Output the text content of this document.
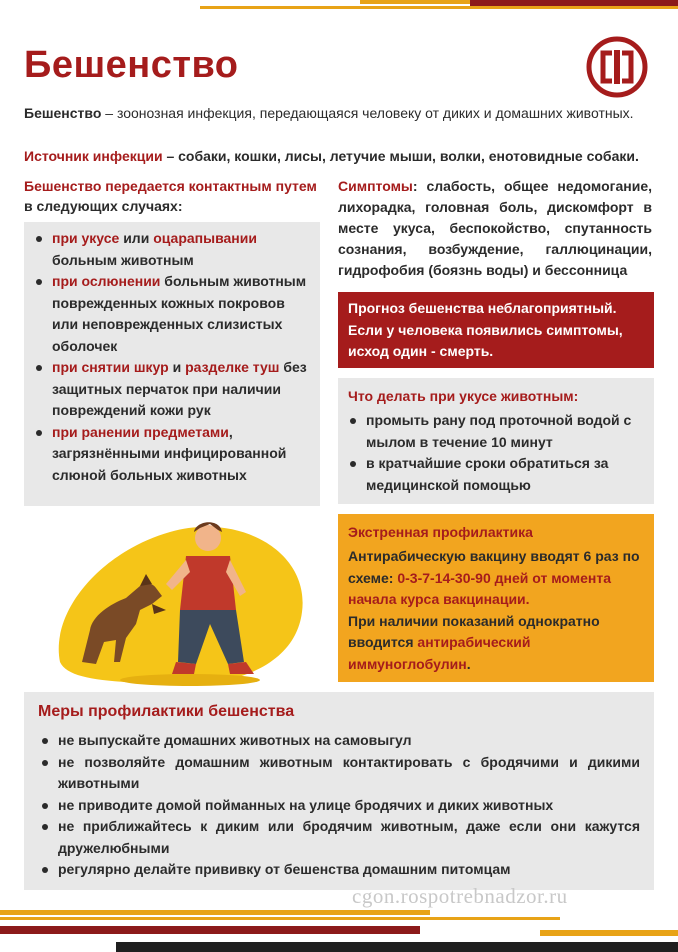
Бешенство

Бешенство – зоонозная инфекция, передающаяся человеку от диких и домашних животных.

Источник инфекции – собаки, кошки, лисы, летучие мыши, волки, енотовидные собаки.

Бешенство передается контактным путем в следующих случаях:

при укусе или оцарапывании больным животным
при ослюнении больным животным поврежденных кожных покровов или неповрежденных слизистых оболочек
при снятии шкур и разделке туш без защитных перчаток при наличии повреждений кожи рук
при ранении предметами, загрязнёнными инфицированной слюной больных животных

Симптомы: слабость, общее недомогание, лихорадка, головная боль, дискомфорт в месте укуса, беспокойство, спутанность сознания, возбуждение, галлюцинации, гидрофобия (боязнь воды) и бессонница

Прогноз бешенства неблагоприятный. Если у человека появились симптомы, исход один - смерть.
Что делать при укусе животным:
промыть рану под проточной водой с мылом в течение 10 минут
в кратчайшие сроки обратиться за медицинской помощью
Экстренная профилактика

Антирабическую вакцину вводят 6 раз по схеме: 0-3-7-14-30-90 дней от момента начала курса вакцинации.

При наличии показаний однократно вводится антирабический иммуноглобулин.

Меры профилактики бешенства
не выпускайте домашних животных на самовыгул
не позволяйте домашним животным контактировать с бродячими и дикими животными
не приводите домой пойманных на улице бродячих и диких животных
не приближайтесь к диким или бродячим животным, даже если они кажутся дружелюбными
регулярно делайте прививку от бешенства домашним питомцам
cgon.rospotrebnadzor.ru
